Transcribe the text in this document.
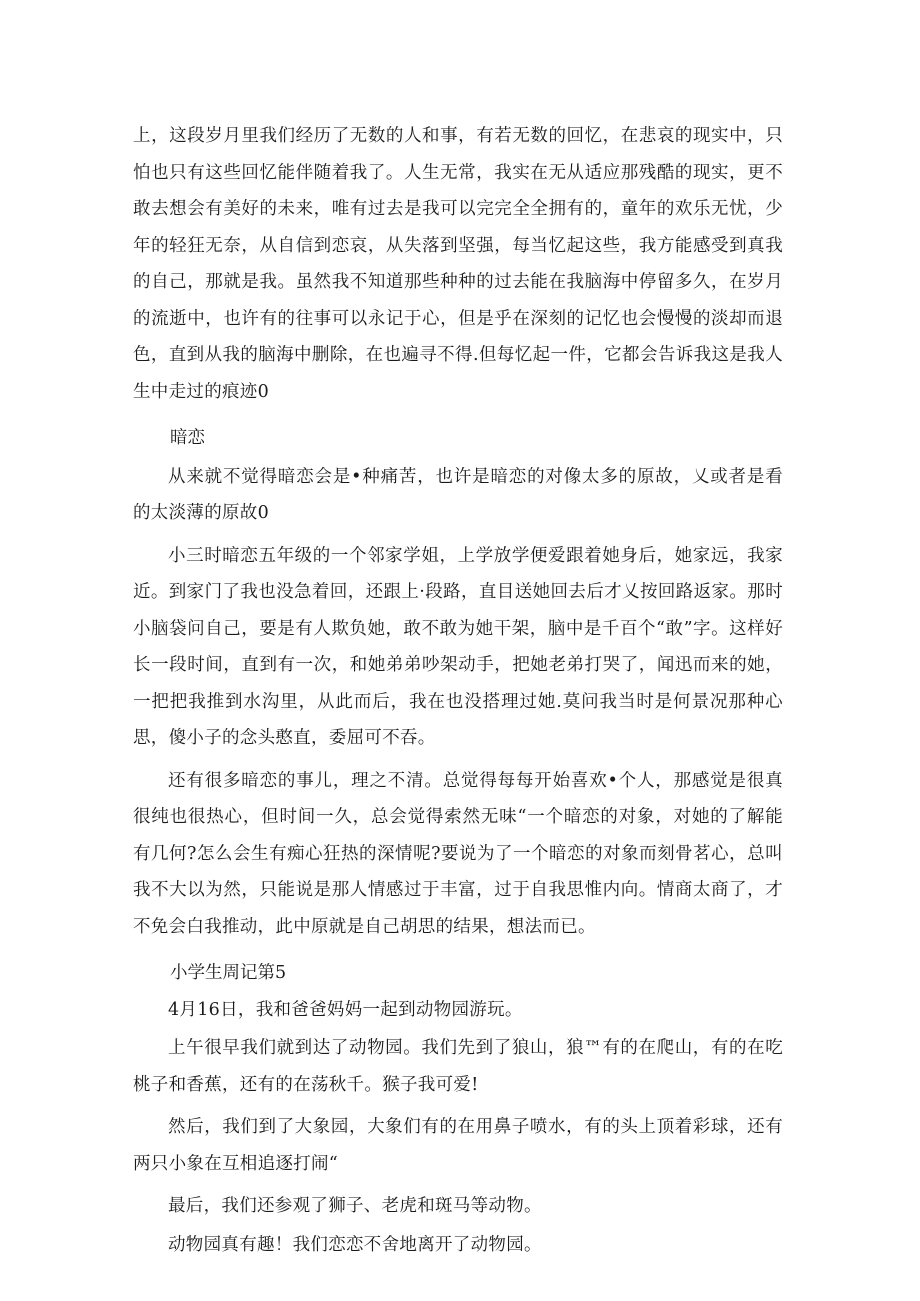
上，这段岁月里我们经历了无数的人和事，有若无数的回忆，在悲哀的现实中，只怕也只有这些回忆能伴随着我了。人生无常，我实在无从适应那残酷的现实，更不敢去想会有美好的未来，唯有过去是我可以完完全全拥有的，童年的欢乐无忧，少年的轻狂无奈，从自信到恋哀，从失落到坚强，每当忆起这些，我方能感受到真我的自己，那就是我。虽然我不知道那些种种的过去能在我脑海中停留多久，在岁月的流逝中，也许有的往事可以永记于心，但是乎在深刻的记忆也会慢慢的淡却而退色，直到从我的脑海中删除，在也遍寻不得.但每忆起一件，它都会告诉我这是我人生中走过的痕迹0

暗恋

从来就不觉得暗恋会是•种痛苦，也许是暗恋的对像太多的原故，乂或者是看的太淡薄的原故0

小三时暗恋五年级的一个邻家学姐，上学放学便爱跟着她身后，她家远，我家近。到家门了我也没急着回，还跟上·段路，直目送她回去后才乂按回路返家。那时小脑袋问自己，要是有人欺负她，敢不敢为她干架，脑中是千百个“敢”字。这样好长一段时间，直到有一次，和她弟弟吵架动手，把她老弟打哭了，闻迅而来的她，一把把我推到水沟里，从此而后，我在也没搭理过她.莫问我当时是何景况那种心思，傻小子的念头憨直，委屈可不吞。

还有很多暗恋的事儿，理之不清。总觉得每每开始喜欢•个人，那感觉是很真很纯也很热心，但时间一久，总会觉得索然无味“一个暗恋的对象，对她的了解能有几何?怎么会生有痴心狂热的深情呢?要说为了一个暗恋的对象而刻骨茗心，总叫我不大以为然，只能说是那人情感过于丰富，过于自我思惟内向。情商太商了，才不免会白我推动，此中原就是自己胡思的结果，想法而已。

小学生周记第5

4月16日，我和爸爸妈妈一起到动物园游玩。

上午很早我们就到达了动物园。我们先到了狼山，狼™有的在爬山，有的在吃桃子和香蕉，还有的在荡秋千。猴子我可爱!

然后，我们到了大象园，大象们有的在用鼻子喷水，有的头上顶着彩球，还有两只小象在互相追逐打闹“

最后，我们还参观了狮子、老虎和斑马等动物。

动物园真有趣！我们恋恋不舍地离开了动物园。
